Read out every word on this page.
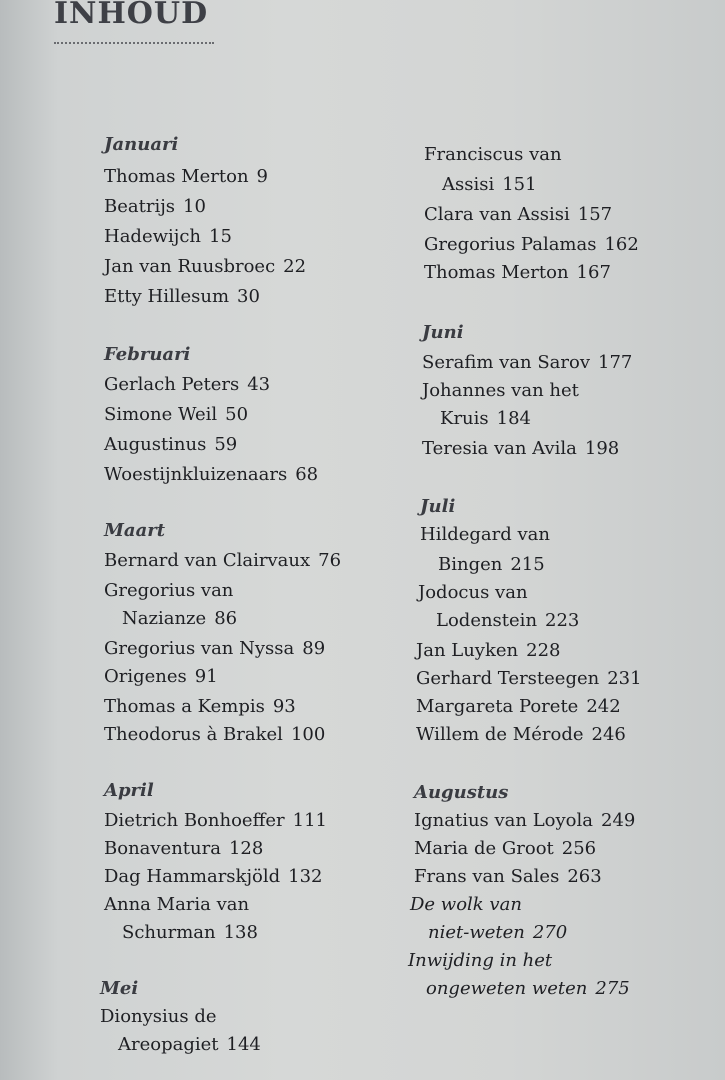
INHOUD
Januari
Thomas Merton 9
Beatrijs 10
Hadewijch 15
Jan van Ruusbroec 22
Etty Hillesum 30
Februari
Gerlach Peters 43
Simone Weil 50
Augustinus 59
Woestijnkluizenaars 68
Maart
Bernard van Clairvaux 76
Gregorius van
Nazianze 86
Gregorius van Nyssa 89
Origenes 91
Thomas a Kempis 93
Theodorus à Brakel 100
April
Dietrich Bonhoeffer 111
Bonaventura 128
Dag Hammarskjöld 132
Anna Maria van
Schurman 138
Mei
Dionysius de
Areopagiet 144
Franciscus van
Assisi 151
Clara van Assisi 157
Gregorius Palamas 162
Thomas Merton 167
Juni
Serafim van Sarov 177
Johannes van het
Kruis 184
Teresia van Avila 198
Juli
Hildegard van
Bingen 215
Jodocus van
Lodenstein 223
Jan Luyken 228
Gerhard Tersteegen 231
Margareta Porete 242
Willem de Mérode 246
Augustus
Ignatius van Loyola 249
Maria de Groot 256
Frans van Sales 263
De wolk van
niet-weten 270
Inwijding in het
ongeweten weten 275
